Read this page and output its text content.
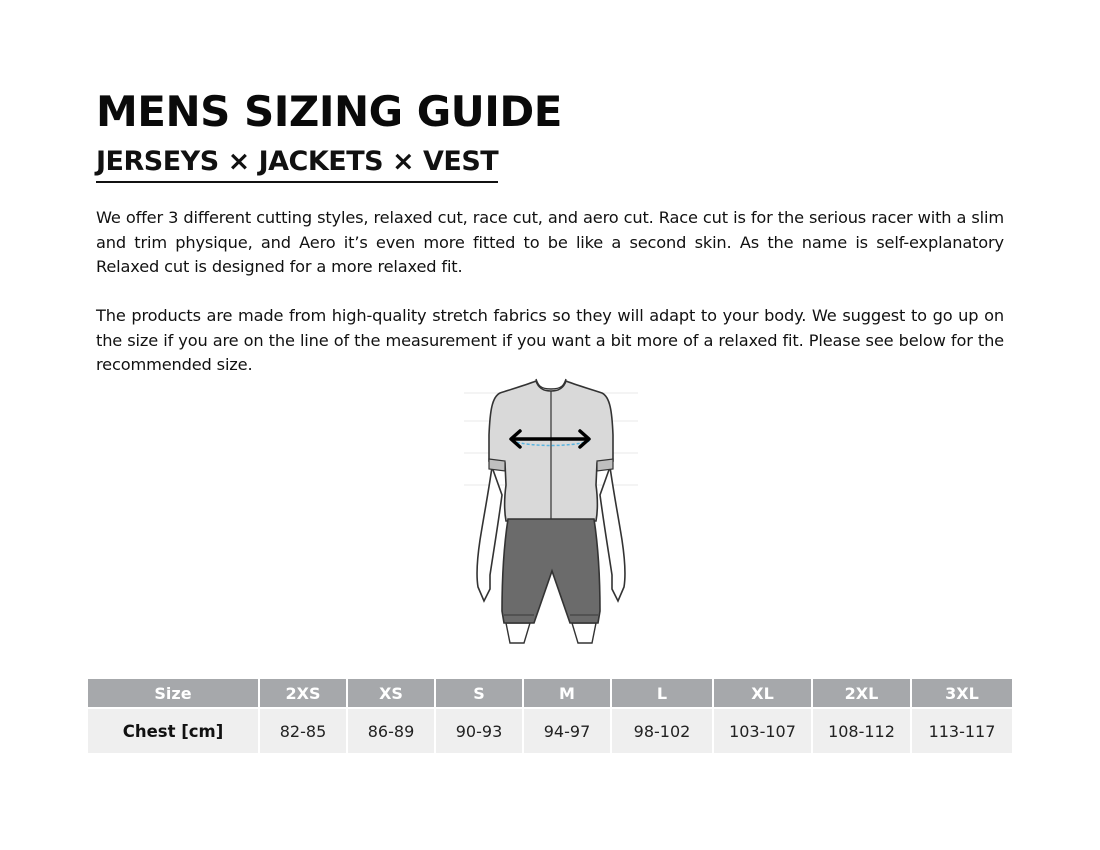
MENS SIZING GUIDE
JERSEYS × JACKETS × VEST

We offer 3 different cutting styles, relaxed cut, race cut, and aero cut. Race cut is for the serious racer with a slim and trim physique, and Aero it’s even more fitted to be like a second skin. As the name is self-explanatory Relaxed cut is designed for a more relaxed fit.

The products are made from high-quality stretch fabrics so they will adapt to your body. We suggest to go up on the size if you are on the line of the measurement if you want a bit more of a relaxed fit. Please see below for the recommended size.

Size	2XS	XS	S	M	L	XL	2XL	3XL
Chest [cm]	82-85	86-89	90-93	94-97	98-102	103-107	108-112	113-117
